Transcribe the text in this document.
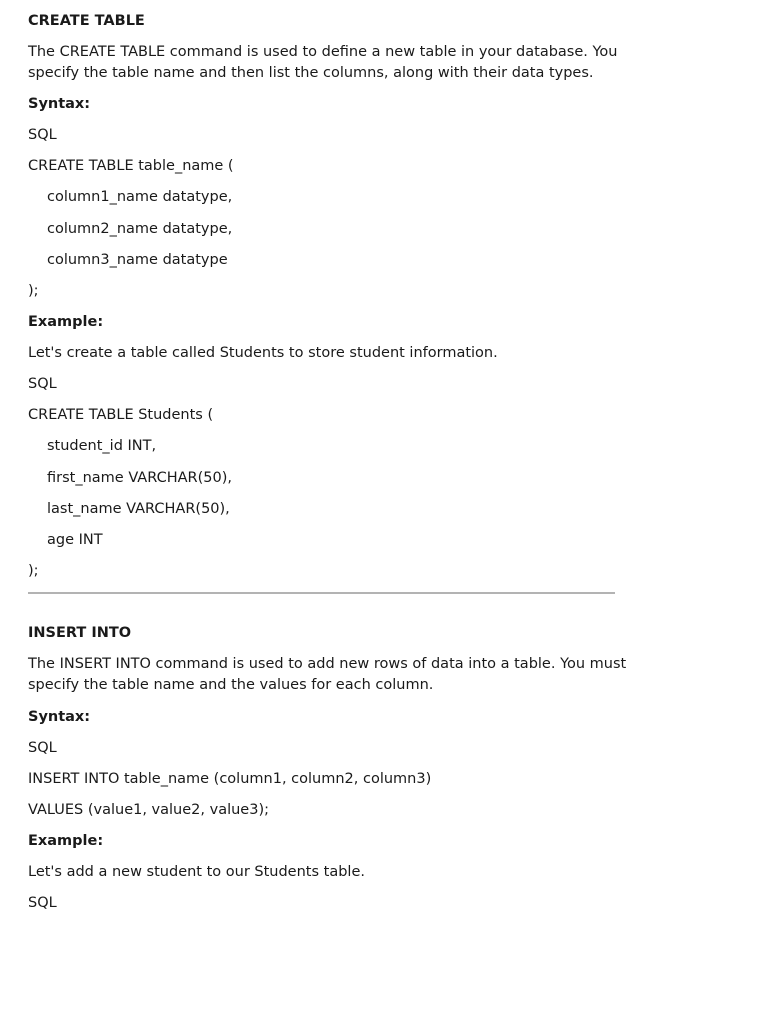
CREATE TABLE

The CREATE TABLE command is used to define a new table in your database. You specify the table name and then list the columns, along with their data types.

Syntax:

SQL

CREATE TABLE table_name (

column1_name datatype,

column2_name datatype,

column3_name datatype

);

Example:

Let's create a table called Students to store student information.

SQL

CREATE TABLE Students (

student_id INT,

first_name VARCHAR(50),

last_name VARCHAR(50),

age INT

);

INSERT INTO

The INSERT INTO command is used to add new rows of data into a table. You must specify the table name and the values for each column.

Syntax:

SQL

INSERT INTO table_name (column1, column2, column3)

VALUES (value1, value2, value3);

Example:

Let's add a new student to our Students table.

SQL
